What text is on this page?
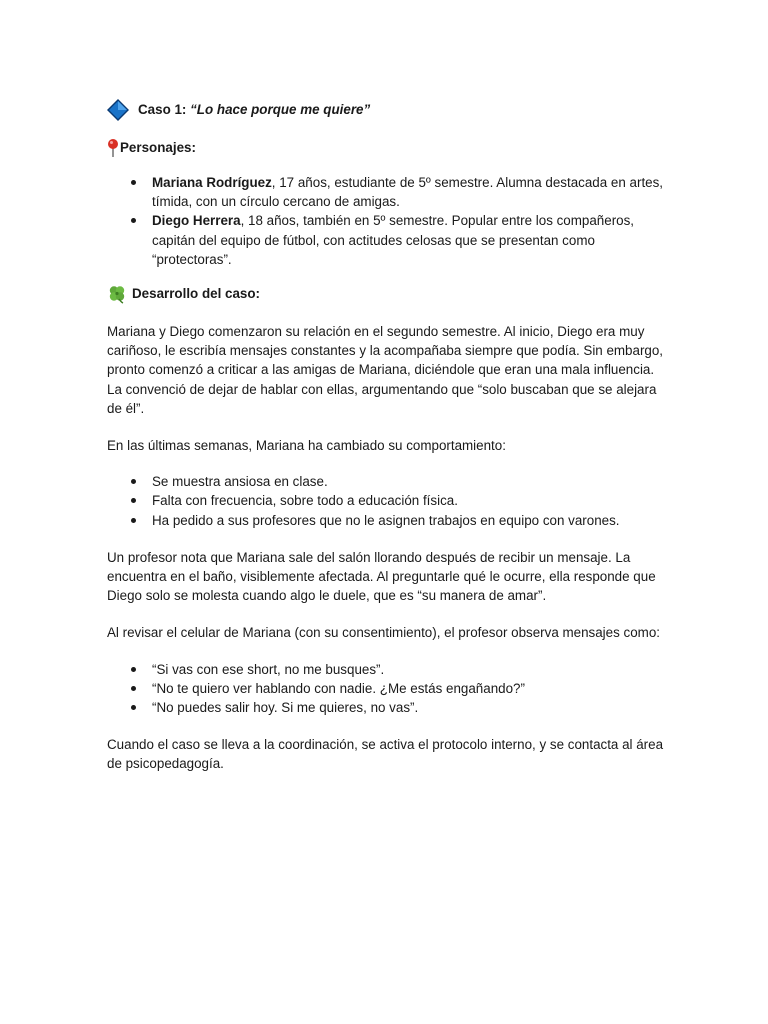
Caso 1:
“Lo hace porque me quiere”
Personajes:
Mariana Rodríguez, 17 años, estudiante de 5º semestre. Alumna destacada en artes, tímida, con un círculo cercano de amigas.
Diego Herrera, 18 años, también en 5º semestre. Popular entre los compañeros, capitán del equipo de fútbol, con actitudes celosas que se presentan como “protectoras”.
Desarrollo del caso:

Mariana y Diego comenzaron su relación en el segundo semestre. Al inicio, Diego era muy cariñoso, le escribía mensajes constantes y la acompañaba siempre que podía. Sin embargo, pronto comenzó a criticar a las amigas de Mariana, diciéndole que eran una mala influencia. La convenció de dejar de hablar con ellas, argumentando que “solo buscaban que se alejara de él”.

En las últimas semanas, Mariana ha cambiado su comportamiento:

Se muestra ansiosa en clase.
Falta con frecuencia, sobre todo a educación física.
Ha pedido a sus profesores que no le asignen trabajos en equipo con varones.

Un profesor nota que Mariana sale del salón llorando después de recibir un mensaje. La encuentra en el baño, visiblemente afectada. Al preguntarle qué le ocurre, ella responde que Diego solo se molesta cuando algo le duele, que es “su manera de amar”.

Al revisar el celular de Mariana (con su consentimiento), el profesor observa mensajes como:

“Si vas con ese short, no me busques”.
“No te quiero ver hablando con nadie. ¿Me estás engañando?”
“No puedes salir hoy. Si me quieres, no vas”.

Cuando el caso se lleva a la coordinación, se activa el protocolo interno, y se contacta al área de psicopedagogía.
